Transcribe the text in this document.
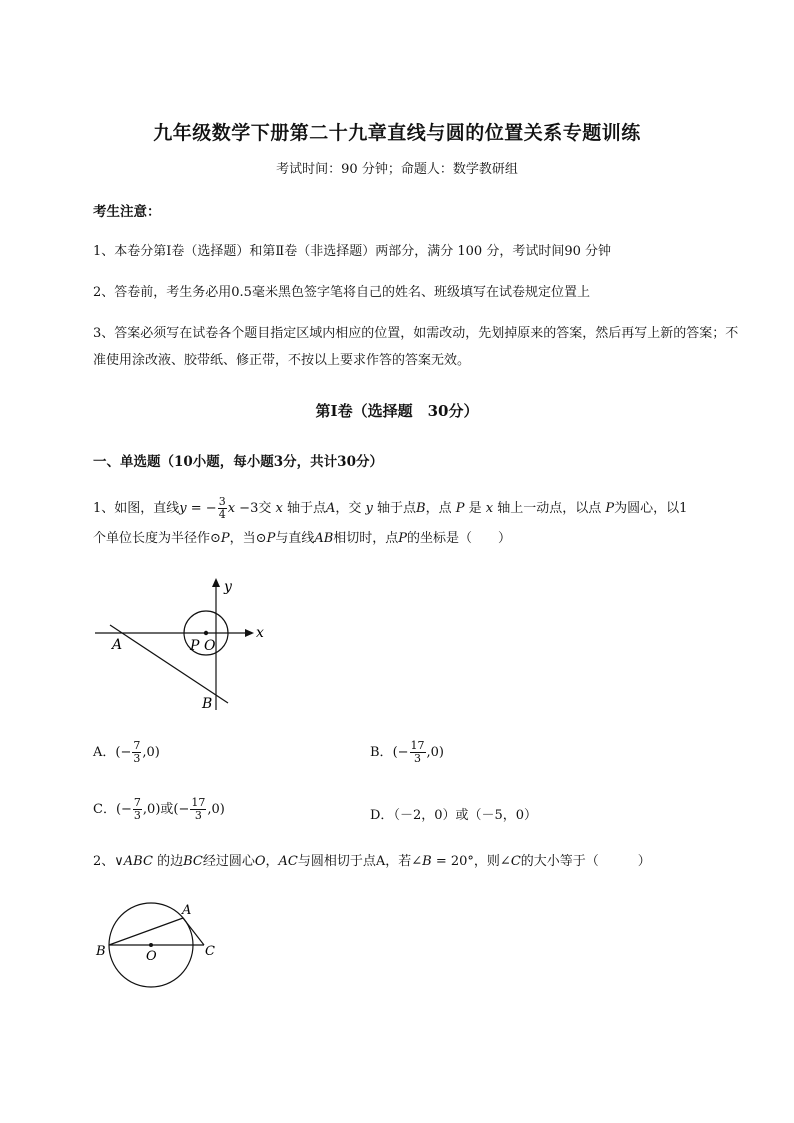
九年级数学下册第二十九章直线与圆的位置关系专题训练
考试时间：90 分钟；命题人：数学教研组
考生注意：
1、本卷分第Ⅰ卷（选择题）和第Ⅱ卷（非选择题）两部分，满分 100 分，考试时间90 分钟
2、答卷前，考生务必用0.5毫米黑色签字笔将自己的姓名、班级填写在试卷规定位置上
3、答案必须写在试卷各个题目指定区域内相应的位置，如需改动，先划掉原来的答案，然后再写上新的答案；不准使用涂改液、胶带纸、修正带，不按以上要求作答的答案无效。
第Ⅰ卷（选择题　30分）
一、单选题（10小题，每小题3分，共计30分）
1、如图，直线y = − $\frac{3}{4}$ x −3交 x 轴于点A，交 y 轴于点B，点 P 是 x 轴上一动点，以点 P为圆心，以1
个单位长度为半径作⊙P，当⊙P与直线AB相切时，点P的坐标是（　　）
y
x
A	P O
B
A．(− $\frac{7}{3} ,0$)	B．(− $\frac{17}{3} ,0$)
C．(− $\frac{7}{3} ,0$)或(− $\frac{17}{3} ,0$)	D．（－2，0）或（－5，0）
2、∨ABC 的边BC经过圆心O，AC与圆相切于点A，若∠B = 20°，则∠C的大小等于（　　　）
A
B	O	C
